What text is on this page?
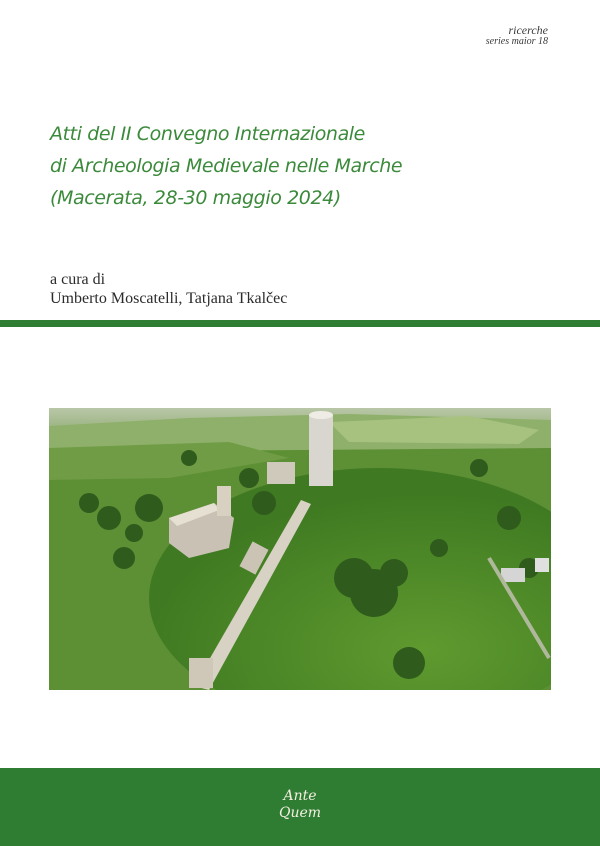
ricerche
series maior 18
Atti del II Convegno Internazionale
di Archeologia Medievale nelle Marche
(Macerata, 28-30 maggio 2024)
a cura di
Umberto Moscatelli, Tatjana Tkalčec
Ante
Quem
